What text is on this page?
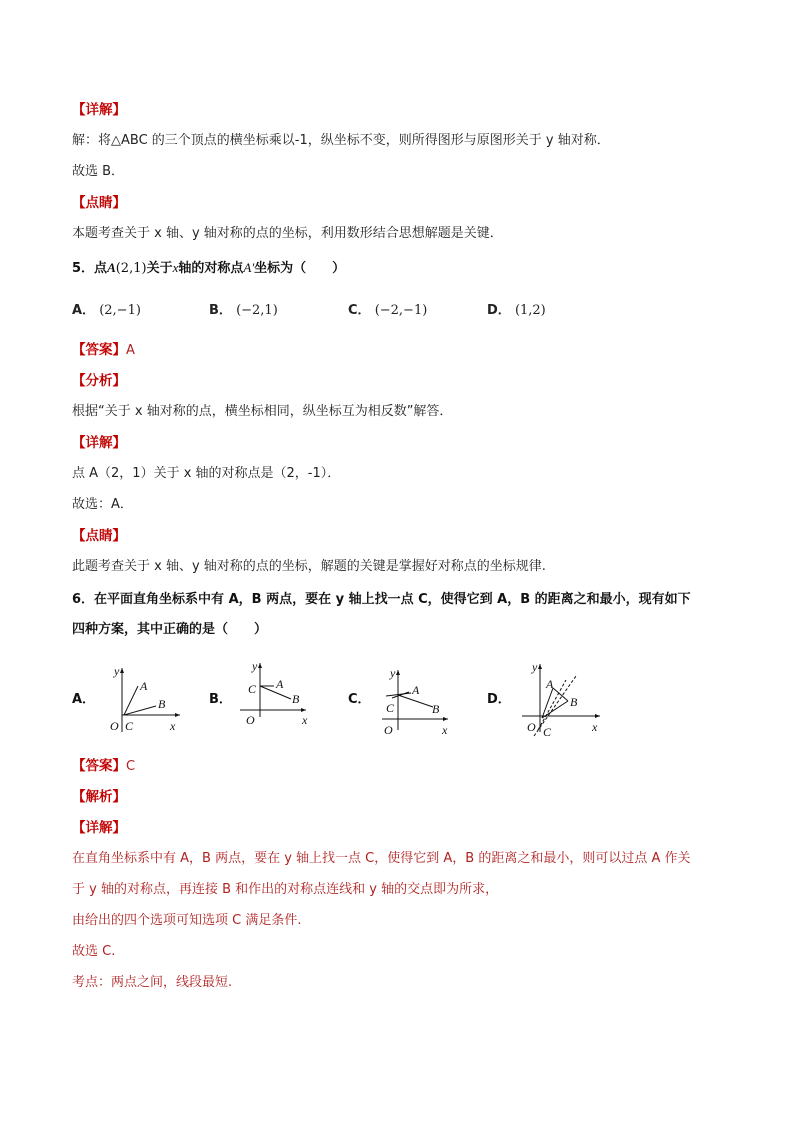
【详解】
解：将△ABC 的三个顶点的横坐标乘以-1，纵坐标不变，则所得图形与原图形关于 y 轴对称．
故选 B．
【点睛】
本题考查关于 x 轴、y 轴对称的点的坐标，利用数形结合思想解题是关键．
5．点A(2,1)关于x轴的对称点A'坐标为（　　）
A． (2,−1)	B． (−2,1)	C． (−2,−1)	D． (1,2)
【答案】A
【分析】
根据“关于 x 轴对称的点，横坐标相同，纵坐标互为相反数”解答．
【详解】
点 A（2，1）关于 x 轴的对称点是（2，-1）．
故选：A．
【点睛】
此题考查关于 x 轴、y 轴对称的点的坐标，解题的关键是掌握好对称点的坐标规律.
6．在平面直角坐标系中有 A，B 两点，要在 y 轴上找一点 C，使得它到 A，B 的距离之和最小，现有如下
四种方案，其中正确的是（　　）
A．
y
A
B
O C	x
B．
y
C A
B
O	x
C．
y
A
C	B
O	x
D．
y
A
B
O C	x
【答案】C
【解析】
【详解】
在直角坐标系中有 A，B 两点，要在 y 轴上找一点 C，使得它到 A，B 的距离之和最小，则可以过点 A 作关
于 y 轴的对称点，再连接 B 和作出的对称点连线和 y 轴的交点即为所求，
由给出的四个选项可知选项 C 满足条件.
故选 C.
考点：两点之间，线段最短.
